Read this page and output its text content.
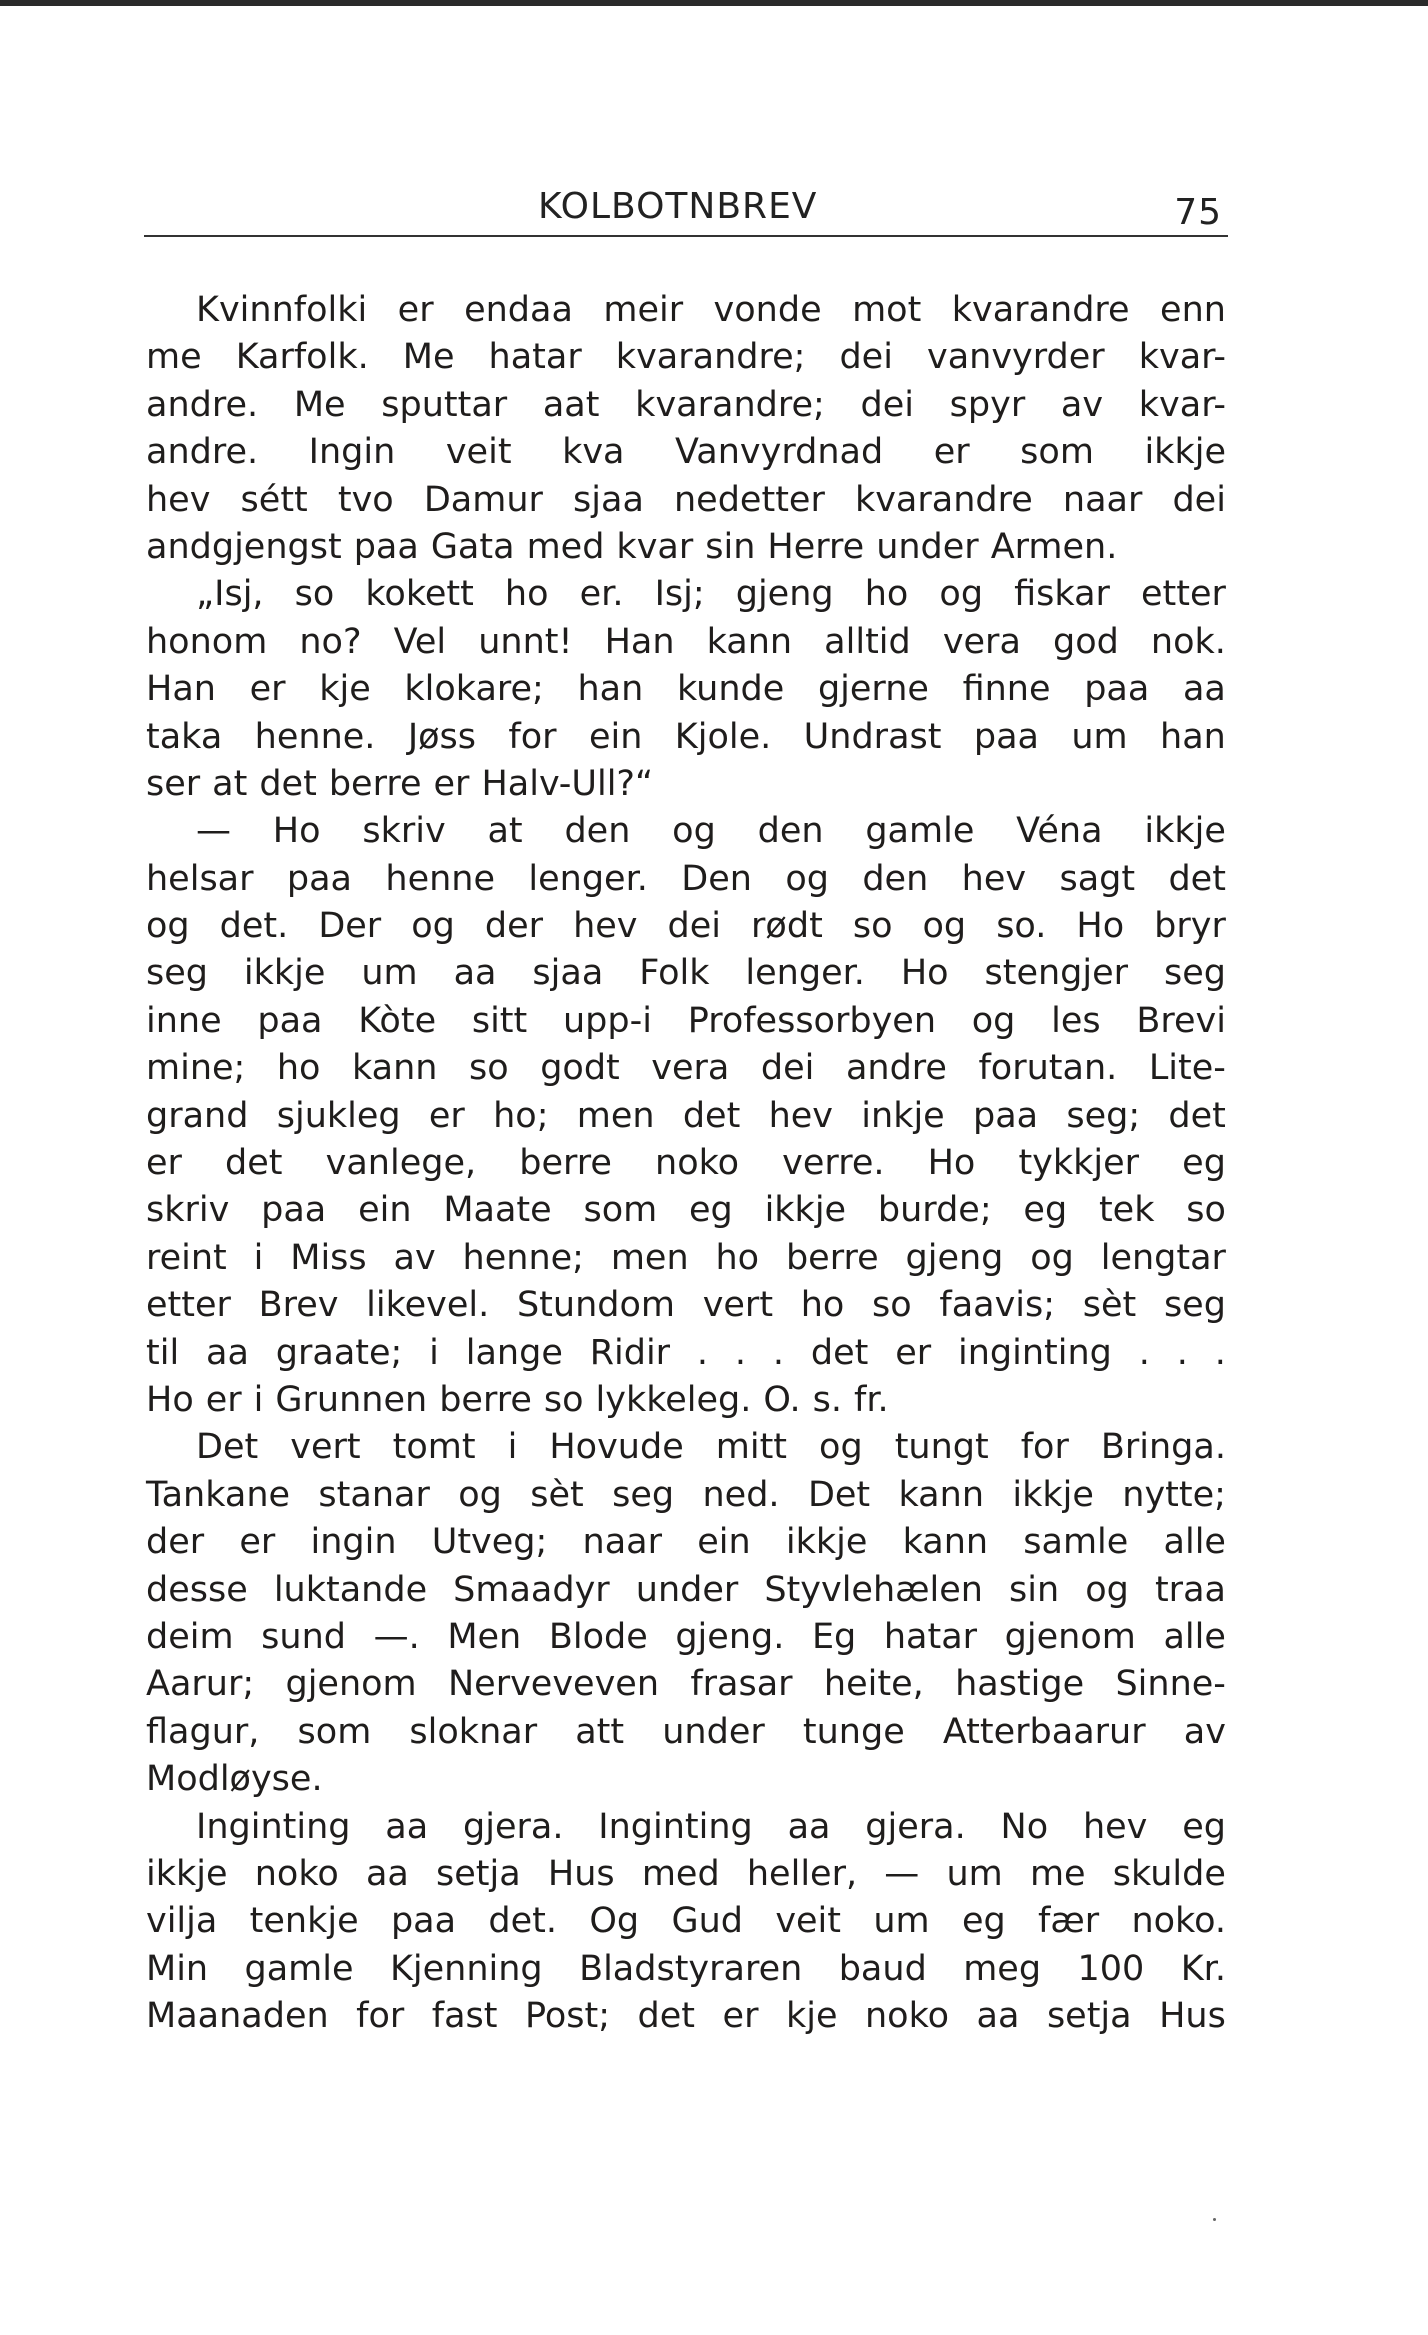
KOLBOTNBREV	75
Kvinnfolki er endaa meir vonde mot kvarandre enn
me Karfolk. Me hatar kvarandre; dei vanvyrder kvar-
andre. Me sputtar aat kvarandre; dei spyr av kvar-
andre. Ingin veit kva Vanvyrdnad er som ikkje
hev sétt tvo Damur sjaa nedetter kvarandre naar dei
andgjengst paa Gata med kvar sin Herre under Armen.
„Isj, so kokett ho er. Isj; gjeng ho og fiskar etter
honom no? Vel unnt! Han kann alltid vera god nok.
Han er kje klokare; han kunde gjerne finne paa aa
taka henne. Jøss for ein Kjole. Undrast paa um han
ser at det berre er Halv-Ull?“
— Ho skriv at den og den gamle Véna ikkje
helsar paa henne lenger. Den og den hev sagt det
og det. Der og der hev dei rødt so og so. Ho bryr
seg ikkje um aa sjaa Folk lenger. Ho stengjer seg
inne paa Kòte sitt upp-i Professorbyen og les Brevi
mine; ho kann so godt vera dei andre forutan. Lite-
grand sjukleg er ho; men det hev inkje paa seg; det
er det vanlege, berre noko verre. Ho tykkjer eg
skriv paa ein Maate som eg ikkje burde; eg tek so
reint i Miss av henne; men ho berre gjeng og lengtar
etter Brev likevel. Stundom vert ho so faavis; sèt seg
til aa graate; i lange Ridir . . . det er inginting . . .
Ho er i Grunnen berre so lykkeleg. O. s. fr.
Det vert tomt i Hovude mitt og tungt for Bringa.
Tankane stanar og sèt seg ned. Det kann ikkje nytte;
der er ingin Utveg; naar ein ikkje kann samle alle
desse luktande Smaadyr under Styvlehælen sin og traa
deim sund —. Men Blode gjeng. Eg hatar gjenom alle
Aarur; gjenom Nerveveven frasar heite, hastige Sinne-
flagur, som sloknar att under tunge Atterbaarur av
Modløyse.
Inginting aa gjera. Inginting aa gjera. No hev eg
ikkje noko aa setja Hus med heller, — um me skulde
vilja tenkje paa det. Og Gud veit um eg fær noko.
Min gamle Kjenning Bladstyraren baud meg 100 Kr.
Maanaden for fast Post; det er kje noko aa setja Hus
